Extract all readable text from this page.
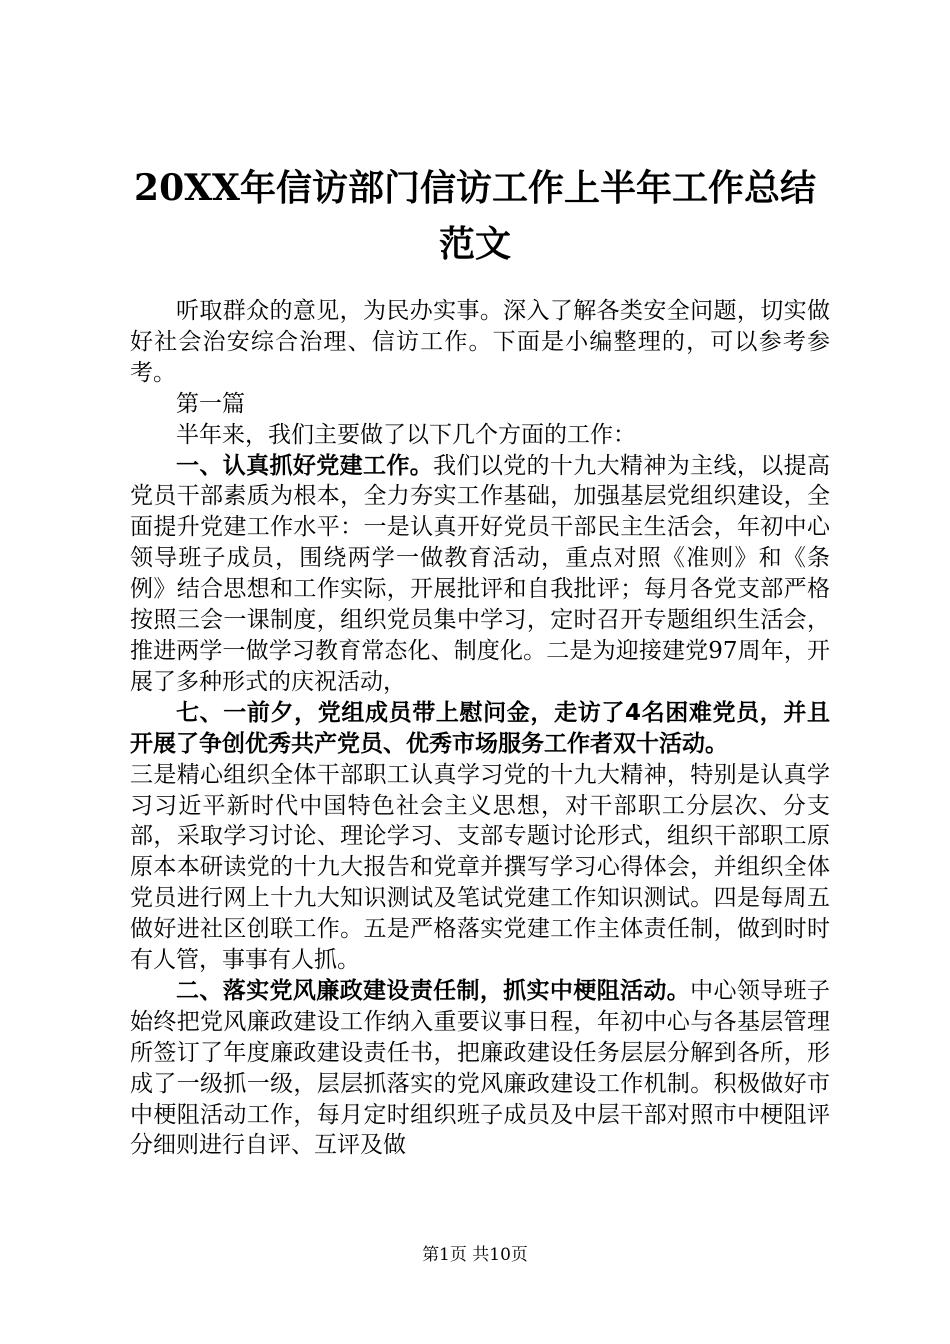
20XX年信访部门信访工作上半年工作总结范文

听取群众的意见，为民办实事。深入了解各类安全问题，切实做好社会治安综合治理、信访工作。下面是小编整理的，可以参考参考。

第一篇

半年来，我们主要做了以下几个方面的工作：

一、认真抓好党建工作。我们以党的十九大精神为主线，以提高党员干部素质为根本，全力夯实工作基础，加强基层党组织建设，全面提升党建工作水平：一是认真开好党员干部民主生活会，年初中心领导班子成员，围绕两学一做教育活动，重点对照《准则》和《条例》结合思想和工作实际，开展批评和自我批评；每月各党支部严格按照三会一课制度，组织党员集中学习，定时召开专题组织生活会，推进两学一做学习教育常态化、制度化。二是为迎接建党97周年，开展了多种形式的庆祝活动，

七、一前夕，党组成员带上慰问金，走访了4名困难党员，并且开展了争创优秀共产党员、优秀市场服务工作者双十活动。

三是精心组织全体干部职工认真学习党的十九大精神，特别是认真学习习近平新时代中国特色社会主义思想，对干部职工分层次、分支部，采取学习讨论、理论学习、支部专题讨论形式，组织干部职工原原本本研读党的十九大报告和党章并撰写学习心得体会，并组织全体党员进行网上十九大知识测试及笔试党建工作知识测试。四是每周五做好进社区创联工作。五是严格落实党建工作主体责任制，做到时时有人管，事事有人抓。

二、落实党风廉政建设责任制，抓实中梗阻活动。中心领导班子始终把党风廉政建设工作纳入重要议事日程，年初中心与各基层管理所签订了年度廉政建设责任书，把廉政建设任务层层分解到各所，形成了一级抓一级，层层抓落实的党风廉政建设工作机制。积极做好市中梗阻活动工作，每月定时组织班子成员及中层干部对照市中梗阻评分细则进行自评、互评及做

第1页 共10页
